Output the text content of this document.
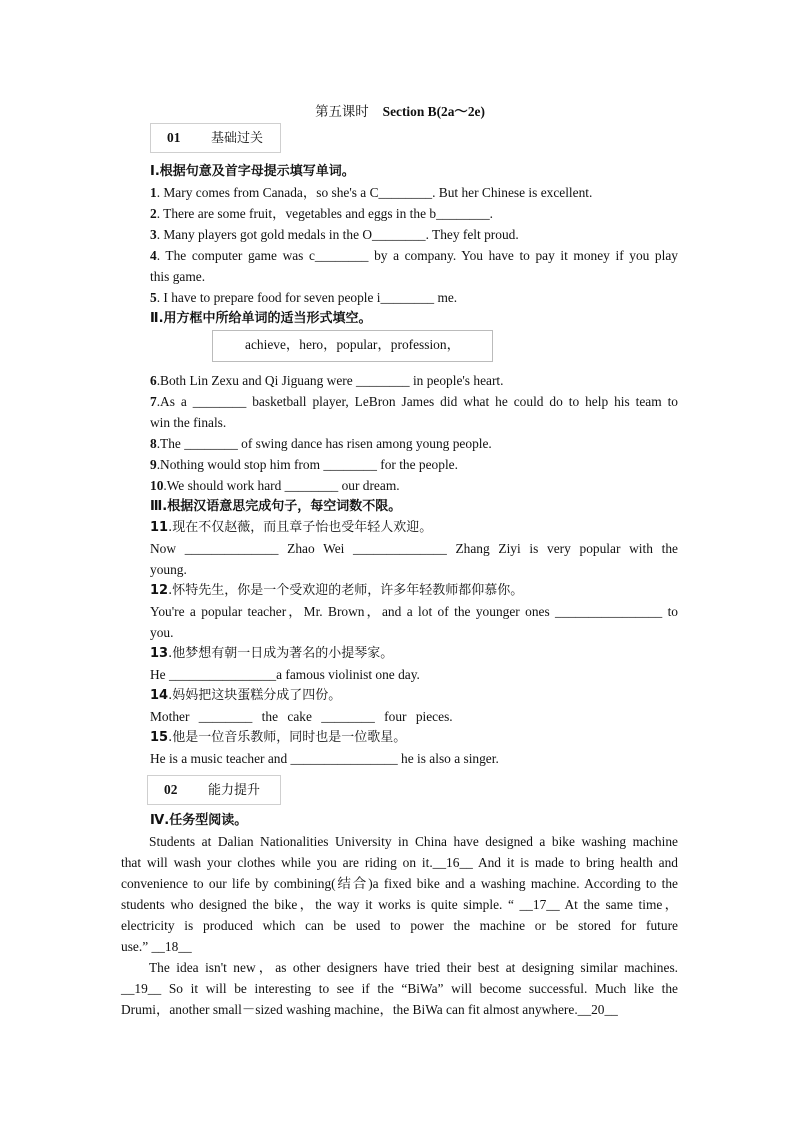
第五课时 Section B(2a～2e)
01 基础过关
Ⅰ.根据句意及首字母提示填写单词。
1. Mary comes from Canada，so she's a C________. But her Chinese is excellent.
2. There are some fruit，vegetables and eggs in the b________.
3. Many players got gold medals in the O________. They felt proud.
4. The computer game was c________ by a company. You have to pay it money if you play
this game.
5. I have to prepare food for seven people i________ me.
Ⅱ.用方框中所给单词的适当形式填空。
achieve，hero，popular，profession，
6.Both Lin Zexu and Qi Jiguang were ________ in people's heart.
7.As a ________ basketball player, LeBron James did what he could do to help his team to
win the finals.
8.The ________ of swing dance has risen among young people.
9.Nothing would stop him from ________ for the people.
10.We should work hard ________ our dream.
Ⅲ.根据汉语意思完成句子，每空词数不限。
11.现在不仅赵薇，而且章子怡也受年轻人欢迎。
Now ______________ Zhao Wei ______________ Zhang Ziyi is very popular with the
young.
12.怀特先生，你是一个受欢迎的老师，许多年轻教师都仰慕你。
You're a popular teacher，Mr. Brown，and a lot of the younger ones ________________ to
you.
13.他梦想有朝一日成为著名的小提琴家。
He ________________a famous violinist one day.
14.妈妈把这块蛋糕分成了四份。
Mother ________ the cake ________ four pieces.
15.他是一位音乐教师，同时也是一位歌星。
He is a music teacher and ________________ he is also a singer.
02 能力提升
Ⅳ.任务型阅读。
Students at Dalian Nationalities University in China have designed a bike washing machine
that will wash your clothes while you are riding on it.__16__ And it is made to bring health and
convenience to our life by combining(结合)a fixed bike and a washing machine. According to the
students who designed the bike，the way it works is quite simple. “ __17__ At the same time，
electricity is produced which can be used to power the machine or be stored for future
use.” __18__
The idea isn't new，as other designers have tried their best at designing similar machines.
__19__ So it will be interesting to see if the “BiWa” will become successful. Much like the
Drumi，another small－sized washing machine，the BiWa can fit almost anywhere.__20__
